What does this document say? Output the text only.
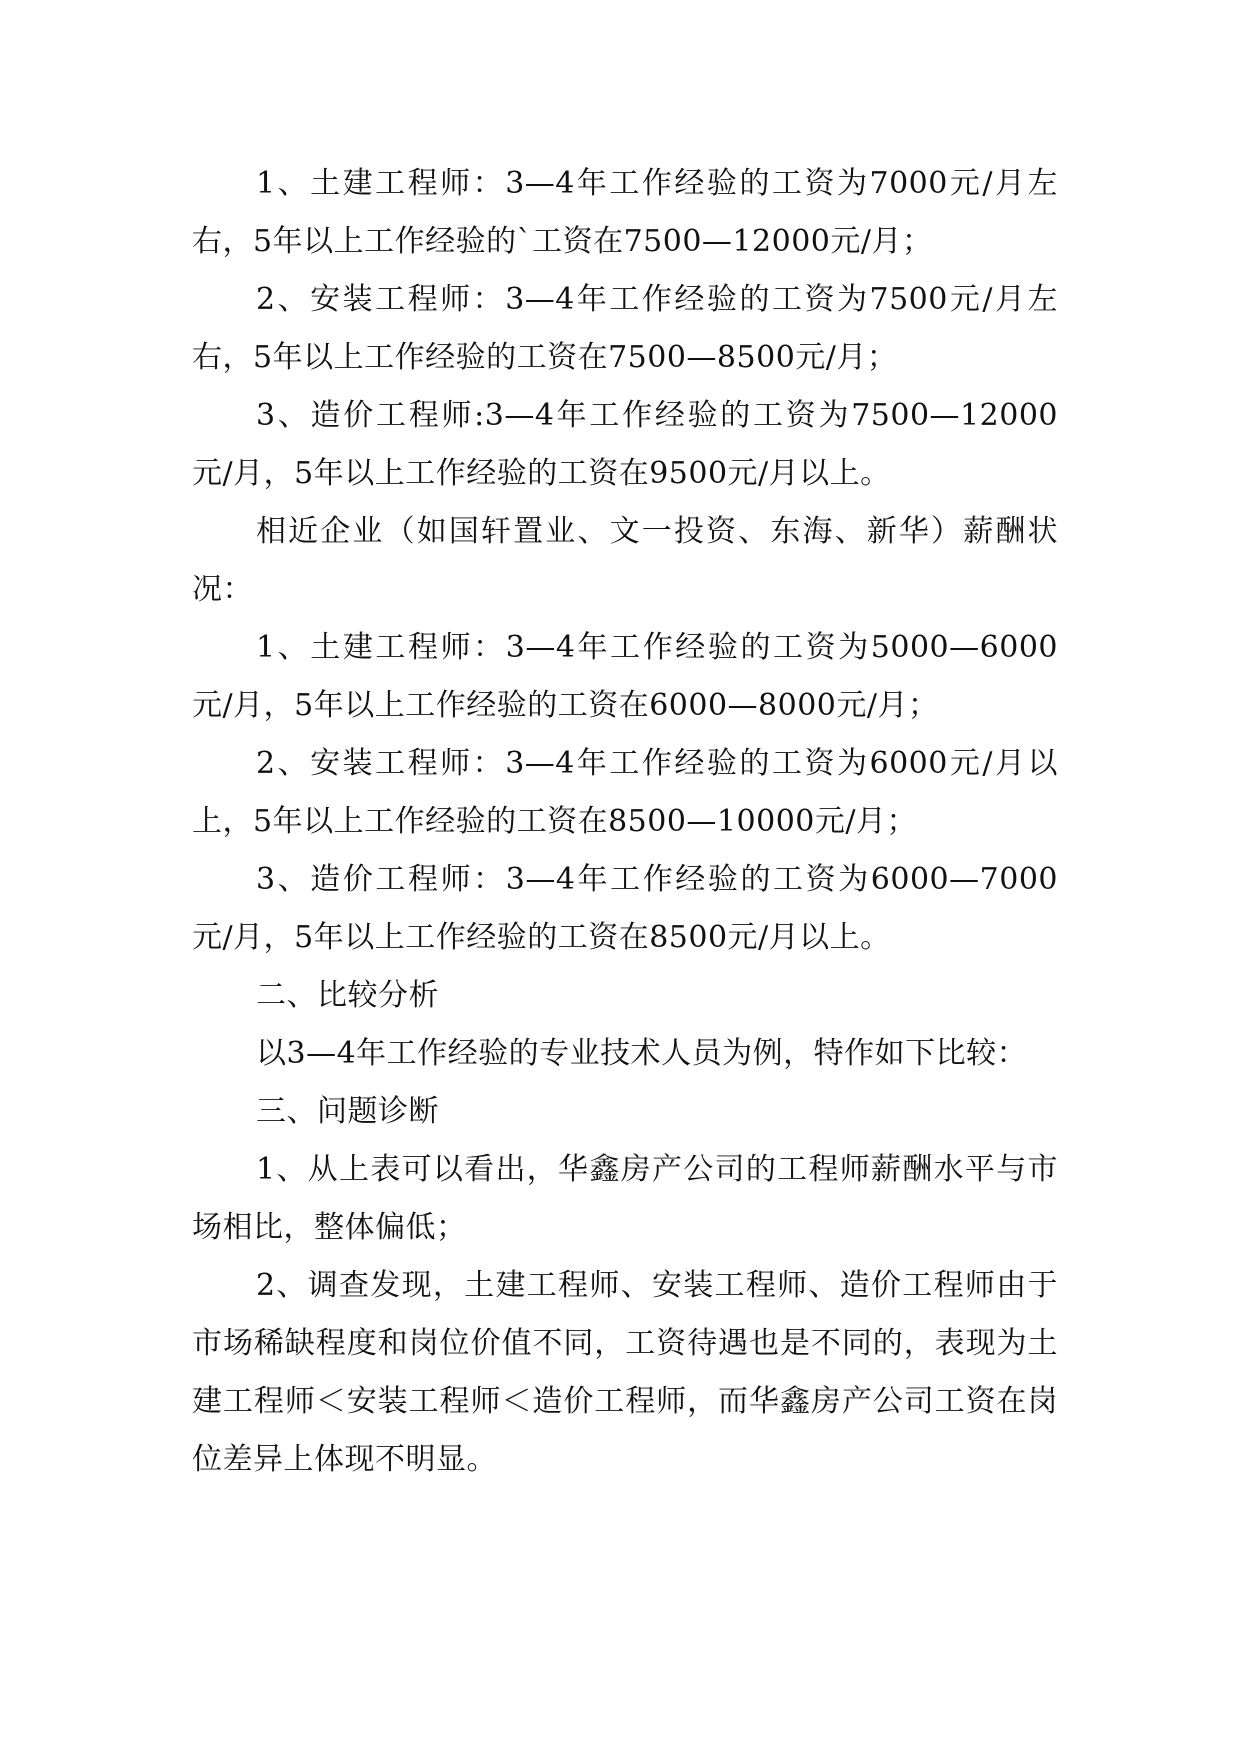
1、土建工程师：3—4年工作经验的工资为7000元/月左右，5年以上工作经验的`工资在7500—12000元/月；

2、安装工程师：3—4年工作经验的工资为7500元/月左右，5年以上工作经验的工资在7500—8500元/月；

3、造价工程师:3—4年工作经验的工资为7500—12000元/月，5年以上工作经验的工资在9500元/月以上。

相近企业（如国轩置业、文一投资、东海、新华）薪酬状况：

1、土建工程师：3—4年工作经验的工资为5000—6000元/月，5年以上工作经验的工资在6000—8000元/月；

2、安装工程师：3—4年工作经验的工资为6000元/月以上，5年以上工作经验的工资在8500—10000元/月；

3、造价工程师：3—4年工作经验的工资为6000—7000元/月，5年以上工作经验的工资在8500元/月以上。

二、比较分析

以3—4年工作经验的专业技术人员为例，特作如下比较：

三、问题诊断

1、从上表可以看出，华鑫房产公司的工程师薪酬水平与市场相比，整体偏低；

2、调查发现，土建工程师、安装工程师、造价工程师由于市场稀缺程度和岗位价值不同，工资待遇也是不同的，表现为土建工程师＜安装工程师＜造价工程师，而华鑫房产公司工资在岗位差异上体现不明显。
